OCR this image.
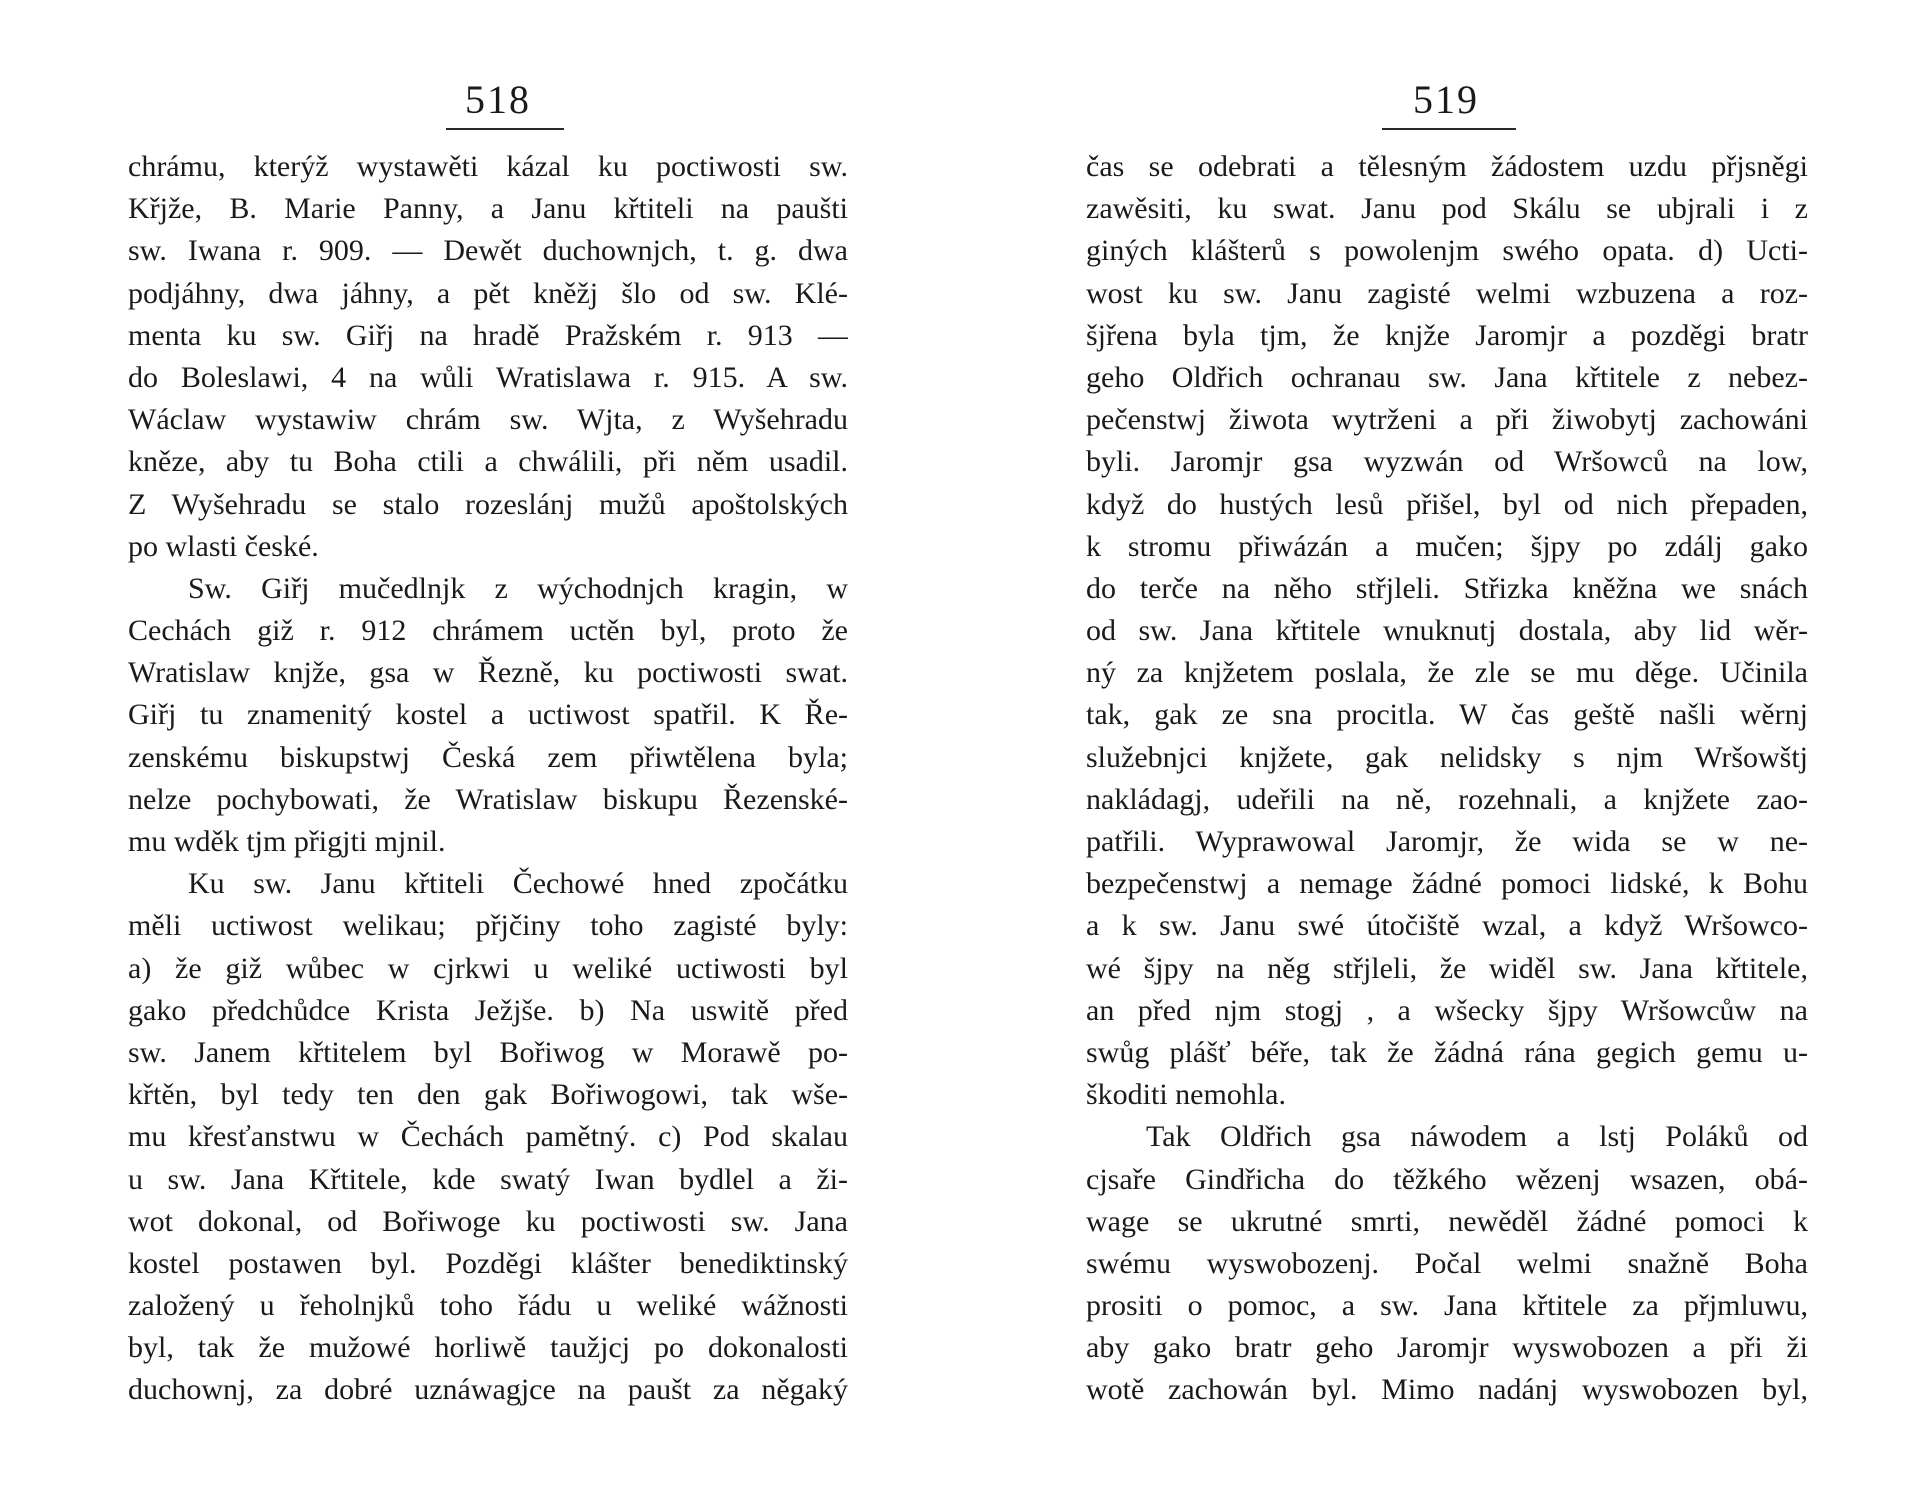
518
chrámu, kterýž wystawěti kázal ku poctiwosti sw.
Křjže, B. Marie Panny, a Janu křtiteli na paušti
sw. Iwana r. 909. — Dewět duchownjch, t. g. dwa
podjáhny, dwa jáhny, a pět kněžj šlo od sw. Klé-
menta ku sw. Giřj na hradě Pražském r. 913 —
do Boleslawi, 4 na wůli Wratislawa r. 915. A sw.
Wáclaw wystawiw chrám sw. Wjta, z Wyšehradu
kněze, aby tu Boha ctili a chwálili, při něm usadil.
Z Wyšehradu se stalo rozeslánj mužů apoštolských
po wlasti české.
Sw. Giřj mučedlnjk z wýchodnjch kragin, w
Cechách giž r. 912 chrámem uctěn byl, proto že
Wratislaw knjže, gsa w Řezně, ku poctiwosti swat.
Giřj tu znamenitý kostel a uctiwost spatřil. K Ře-
zenskému biskupstwj Česká zem přiwtělena byla;
nelze pochybowati, že Wratislaw biskupu Řezenské-
mu wděk tjm přigjti mjnil.
Ku sw. Janu křtiteli Čechowé hned zpočátku
měli uctiwost welikau; přjčiny toho zagisté byly:
a) že giž wůbec w cjrkwi u weliké uctiwosti byl
gako předchůdce Krista Ježjše. b) Na uswitě před
sw. Janem křtitelem byl Bořiwog w Morawě po-
křtěn, byl tedy ten den gak Bořiwogowi, tak wše-
mu křesťanstwu w Čechách pamětný. c) Pod skalau
u sw. Jana Křtitele, kde swatý Iwan bydlel a ži-
wot dokonal, od Bořiwoge ku poctiwosti sw. Jana
kostel postawen byl. Pozděgi klášter benediktinský
založený u řeholnjků toho řádu u weliké wážnosti
byl, tak že mužowé horliwě taužjcj po dokonalosti
duchownj, za dobré uznáwagjce na paušt za něgaký
519
čas se odebrati a tělesným žádostem uzdu přjsněgi
zawěsiti, ku swat. Janu pod Skálu se ubjrali i z
giných klášterů s powolenjm swého opata. d) Ucti-
wost ku sw. Janu zagisté welmi wzbuzena a roz-
šjřena byla tjm, že knjže Jaromjr a pozděgi bratr
geho Oldřich ochranau sw. Jana křtitele z nebez-
pečenstwj žiwota wytrženi a při žiwobytj zachowáni
byli. Jaromjr gsa wyzwán od Wršowců na low,
když do hustých lesů přišel, byl od nich přepaden,
k stromu přiwázán a mučen; šjpy po zdálj gako
do terče na něho střjleli. Střizka kněžna we snách
od sw. Jana křtitele wnuknutj dostala, aby lid wěr-
ný za knjžetem poslala, že zle se mu děge. Učinila
tak, gak ze sna procitla. W čas geště našli wěrnj
služebnjci knjžete, gak nelidsky s njm Wršowštj
nakládagj, udeřili na ně, rozehnali, a knjžete zao-
patřili. Wyprawowal Jaromjr, že wida se w ne-
bezpečenstwj a nemage žádné pomoci lidské, k Bohu
a k sw. Janu swé útočiště wzal, a když Wršowco-
wé šjpy na něg střjleli, že widěl sw. Jana křtitele,
an před njm stogj , a wšecky šjpy Wršowcůw na
swůg plášť béře, tak že žádná rána gegich gemu u-
škoditi nemohla.
Tak Oldřich gsa náwodem a lstj Poláků od
cjsaře Gindřicha do těžkého wězenj wsazen, obá-
wage se ukrutné smrti, newěděl žádné pomoci k
swému wyswobozenj. Počal welmi snažně Boha
prositi o pomoc, a sw. Jana křtitele za přjmluwu,
aby gako bratr geho Jaromjr wyswobozen a při ži
wotě zachowán byl. Mimo nadánj wyswobozen byl,
